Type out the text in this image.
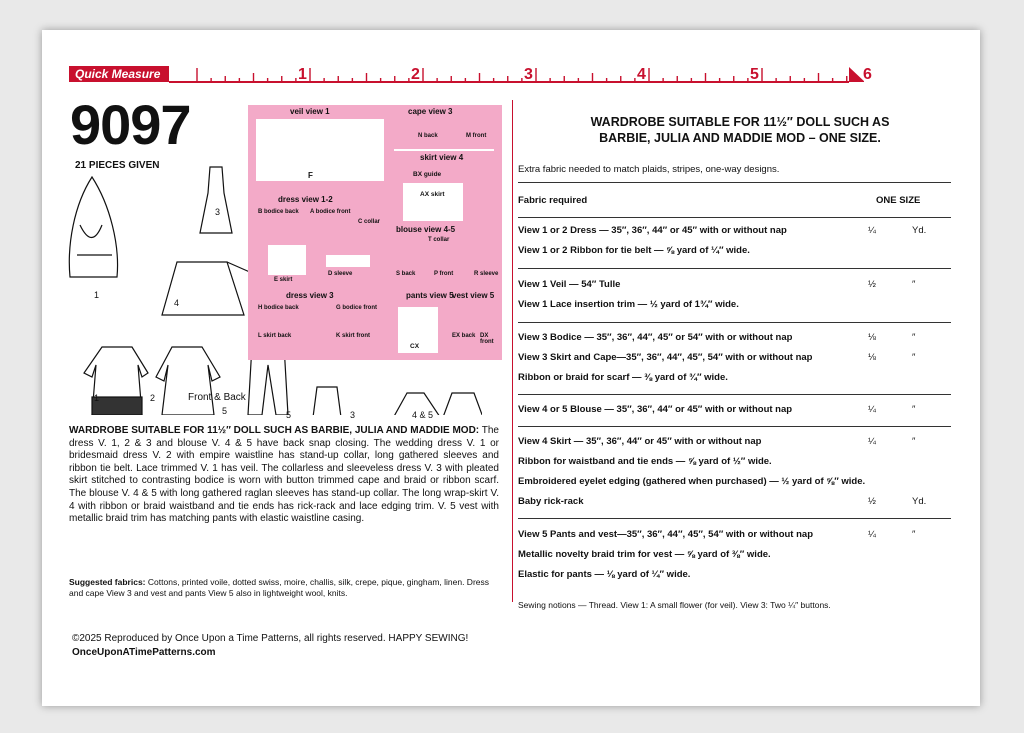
Quick Measure	1	2	3	4	5	6
9097
21 PIECES GIVEN
3
1
4
1	2	Front & Back
5	5	3	4 & 5
veil view 1
F
cape view 3
N back	M front
skirt view 4
BX guide
AX skirt
dress view 1-2
B bodice back A bodice front
C collar
blouse view 4-5
T collar
E skirt
D sleeve	S back	P front	R sleeve
dress view 3	pants view 5
vest view 5
H bodice back	G bodice front
L skirt back	K skirt front
CX
EX back DX front
WARDROBE SUITABLE FOR 11½″ DOLL SUCH AS BARBIE, JULIA AND MADDIE MOD: The dress V. 1, 2 & 3 and blouse V. 4 & 5 have back snap closing. The wedding dress V. 1 or bridesmaid dress V. 2 with empire waistline has stand-up collar, long gathered sleeves and ribbon tie belt. Lace trimmed V. 1 has veil. The collarless and sleeveless dress V. 3 with pleated skirt stitched to contrasting bodice is worn with button trimmed cape and braid or ribbon scarf. The blouse V. 4 & 5 with long gathered raglan sleeves has stand-up collar. The long wrap-skirt V. 4 with ribbon or braid waistband and tie ends has rick-rack and lace edging trim. V. 5 vest with metallic braid trim has matching pants with elastic waistline casing.
Suggested fabrics: Cottons, printed voile, dotted swiss, moire, challis, silk, crepe, pique, gingham, linen. Dress and cape View 3 and vest and pants View 5 also in lightweight wool, knits.
©2025 Reproduced by Once Upon a Time Patterns, all rights reserved. HAPPY SEWING!
OnceUponATimePatterns.com
WARDROBE SUITABLE FOR 11½″ DOLL SUCH AS
BARBIE, JULIA AND MADDIE MOD – ONE SIZE.
Extra fabric needed to match plaids, stripes, one-way designs.
Fabric required	ONE SIZE
View 1 or 2 Dress — 35″, 36″, 44″ or 45″ with or without nap	¼	Yd.
View 1 or 2 Ribbon for tie belt — ⅝ yard of ¼″ wide.
View 1 Veil — 54″ Tulle	½	″
View 1 Lace insertion trim — ½ yard of 1¾″ wide.
View 3 Bodice — 35″, 36″, 44″, 45″ or 54″ with or without nap	⅛	″
View 3 Skirt and Cape—35″, 36″, 44″, 45″, 54″ with or without nap	⅛	″
Ribbon or braid for scarf — ⅜ yard of ¾″ wide.
View 4 or 5 Blouse — 35″, 36″, 44″ or 45″ with or without nap	¼	″
View 4 Skirt — 35″, 36″, 44″ or 45″ with or without nap	¼	″
Ribbon for waistband and tie ends — ⅝ yard of ½″ wide.
Embroidered eyelet edging (gathered when purchased) — ½ yard of ⅝″ wide.
Baby rick-rack	½	Yd.
View 5 Pants and vest—35″, 36″, 44″, 45″, 54″ with or without nap	¼	″
Metallic novelty braid trim for vest — ⅝ yard of ⅜″ wide.
Elastic for pants — ⅛ yard of ¼″ wide.
Sewing notions — Thread. View 1: A small flower (for veil). View 3: Two ¼″ buttons.
